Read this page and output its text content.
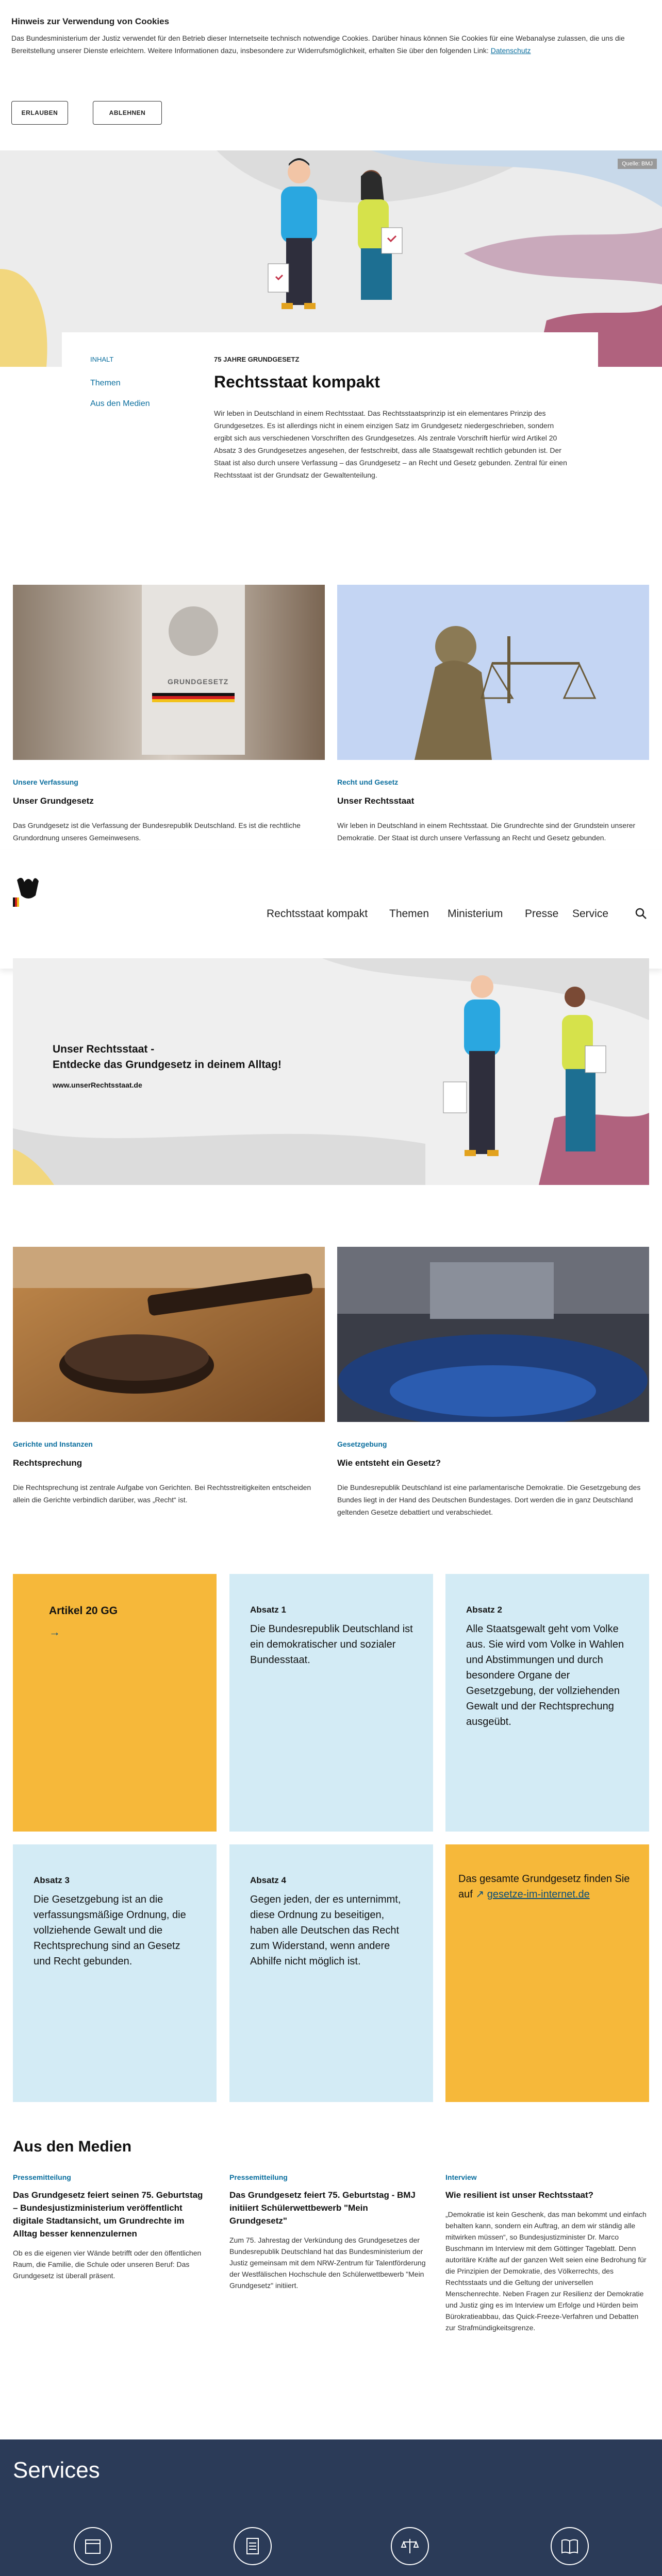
Hinweis zur Verwendung von Cookies

Das Bundesministerium der Justiz verwendet für den Betrieb dieser Internetseite technisch notwendige Cookies. Darüber hinaus können Sie Cookies für eine Webanalyse zulassen, die uns die Bereitstellung unserer Dienste erleichtern. Weitere Informationen dazu, insbesondere zur Widerrufsmöglichkeit, erhalten Sie über den folgenden Link: Datenschutz

ERLAUBEN	ABLEHNEN
Quelle: BMJ
INHALT
Themen
Aus den Medien
75 JAHRE GRUNDGESETZ
Rechtsstaat kompakt
Wir leben in Deutschland in einem Rechtsstaat. Das Rechtsstaatsprinzip ist ein elementares Prinzip des Grundgesetzes. Es ist allerdings nicht in einem einzigen Satz im Grundgesetz niedergeschrieben, sondern ergibt sich aus verschiedenen Vorschriften des Grundgesetzes. Als zentrale Vorschrift hierfür wird Artikel 20 Absatz 3 des Grundgesetzes angesehen, der festschreibt, dass alle Staatsgewalt rechtlich gebunden ist. Der Staat ist also durch unsere Verfassung – das Grundgesetz – an Recht und Gesetz gebunden. Zentral für einen Rechtsstaat ist der Grundsatz der Gewaltenteilung.
GRUNDGESETZ
Unsere Verfassung
Unser Grundgesetz
Das Grundgesetz ist die Verfassung der Bundesrepublik Deutschland. Es ist die rechtliche Grundordnung unseres Gemeinwesens.
Recht und Gesetz
Unser Rechtsstaat
Wir leben in Deutschland in einem Rechtsstaat. Die Grundrechte sind der Grundstein unserer Demokratie. Der Staat ist durch unsere Verfassung an Recht und Gesetz gebunden.
Rechtsstaat kompakt Themen Ministerium Presse Service
Unser Rechtsstaat -
Entdecke das Grundgesetz in deinem Alltag!
www.unserRechtsstaat.de
Gerichte und Instanzen
Rechtsprechung
Die Rechtsprechung ist zentrale Aufgabe von Gerichten. Bei Rechtsstreitigkeiten entscheiden allein die Gerichte verbindlich darüber, was „Recht“ ist.
Gesetzgebung
Wie entsteht ein Gesetz?
Die Bundesrepublik Deutschland ist eine parlamentarische Demokratie. Die Gesetzgebung des Bundes liegt in der Hand des Deutschen Bundestages. Dort werden die in ganz Deutschland geltenden Gesetze debattiert und verabschiedet.
Artikel 20 GG
→
Absatz 1
Die Bundesrepublik Deutschland ist ein demokratischer und sozialer Bundesstaat.
Absatz 2
Alle Staatsgewalt geht vom Volke aus. Sie wird vom Volke in Wahlen und Abstimmungen und durch besondere Organe der Gesetzgebung, der vollziehenden Gewalt und der Rechtsprechung ausgeübt.
Absatz 3
Die Gesetzgebung ist an die verfassungsmäßige Ordnung, die vollziehende Gewalt und die Rechtsprechung sind an Gesetz und Recht gebunden.
Absatz 4
Gegen jeden, der es unternimmt, diese Ordnung zu beseitigen, haben alle Deutschen das Recht zum Widerstand, wenn andere Abhilfe nicht möglich ist.
Das gesamte Grundgesetz finden Sie auf ↗ gesetze-im-internet.de
Aus den Medien
Pressemitteilung
Das Grundgesetz feiert seinen 75. Geburtstag – Bundesjustizministerium veröffentlicht digitale Stadtansicht, um Grundrechte im Alltag besser kennenzulernen
Ob es die eigenen vier Wände betrifft oder den öffentlichen Raum, die Familie, die Schule oder unseren Beruf: Das Grundgesetz ist überall präsent.
Pressemitteilung
Das Grundgesetz feiert 75. Geburtstag - BMJ initiiert Schülerwettbewerb "Mein Grundgesetz"
Zum 75. Jahrestag der Verkündung des Grundgesetzes der Bundesrepublik Deutschland hat das Bundesministerium der Justiz gemeinsam mit dem NRW-Zentrum für Talentförderung der Westfälischen Hochschule den Schülerwettbewerb "Mein Grundgesetz" initiiert.
Interview
Wie resilient ist unser Rechtsstaat?
„Demokratie ist kein Geschenk, das man bekommt und einfach behalten kann, sondern ein Auftrag, an dem wir ständig alle mitwirken müssen“, so Bundesjustizminister Dr. Marco Buschmann im Interview mit dem Göttinger Tageblatt. Denn autoritäre Kräfte auf der ganzen Welt seien eine Bedrohung für die Prinzipien der Demokratie, des Völkerrechts, des Rechtsstaats und die Geltung der universellen Menschenrechte. Neben Fragen zur Resilienz der Demokratie und Justiz ging es im Interview um Erfolge und Hürden beim Bürokratieabbau, das Quick-Freeze-Verfahren und Debatten zur Strafmündigkeitsgrenze.
Services
